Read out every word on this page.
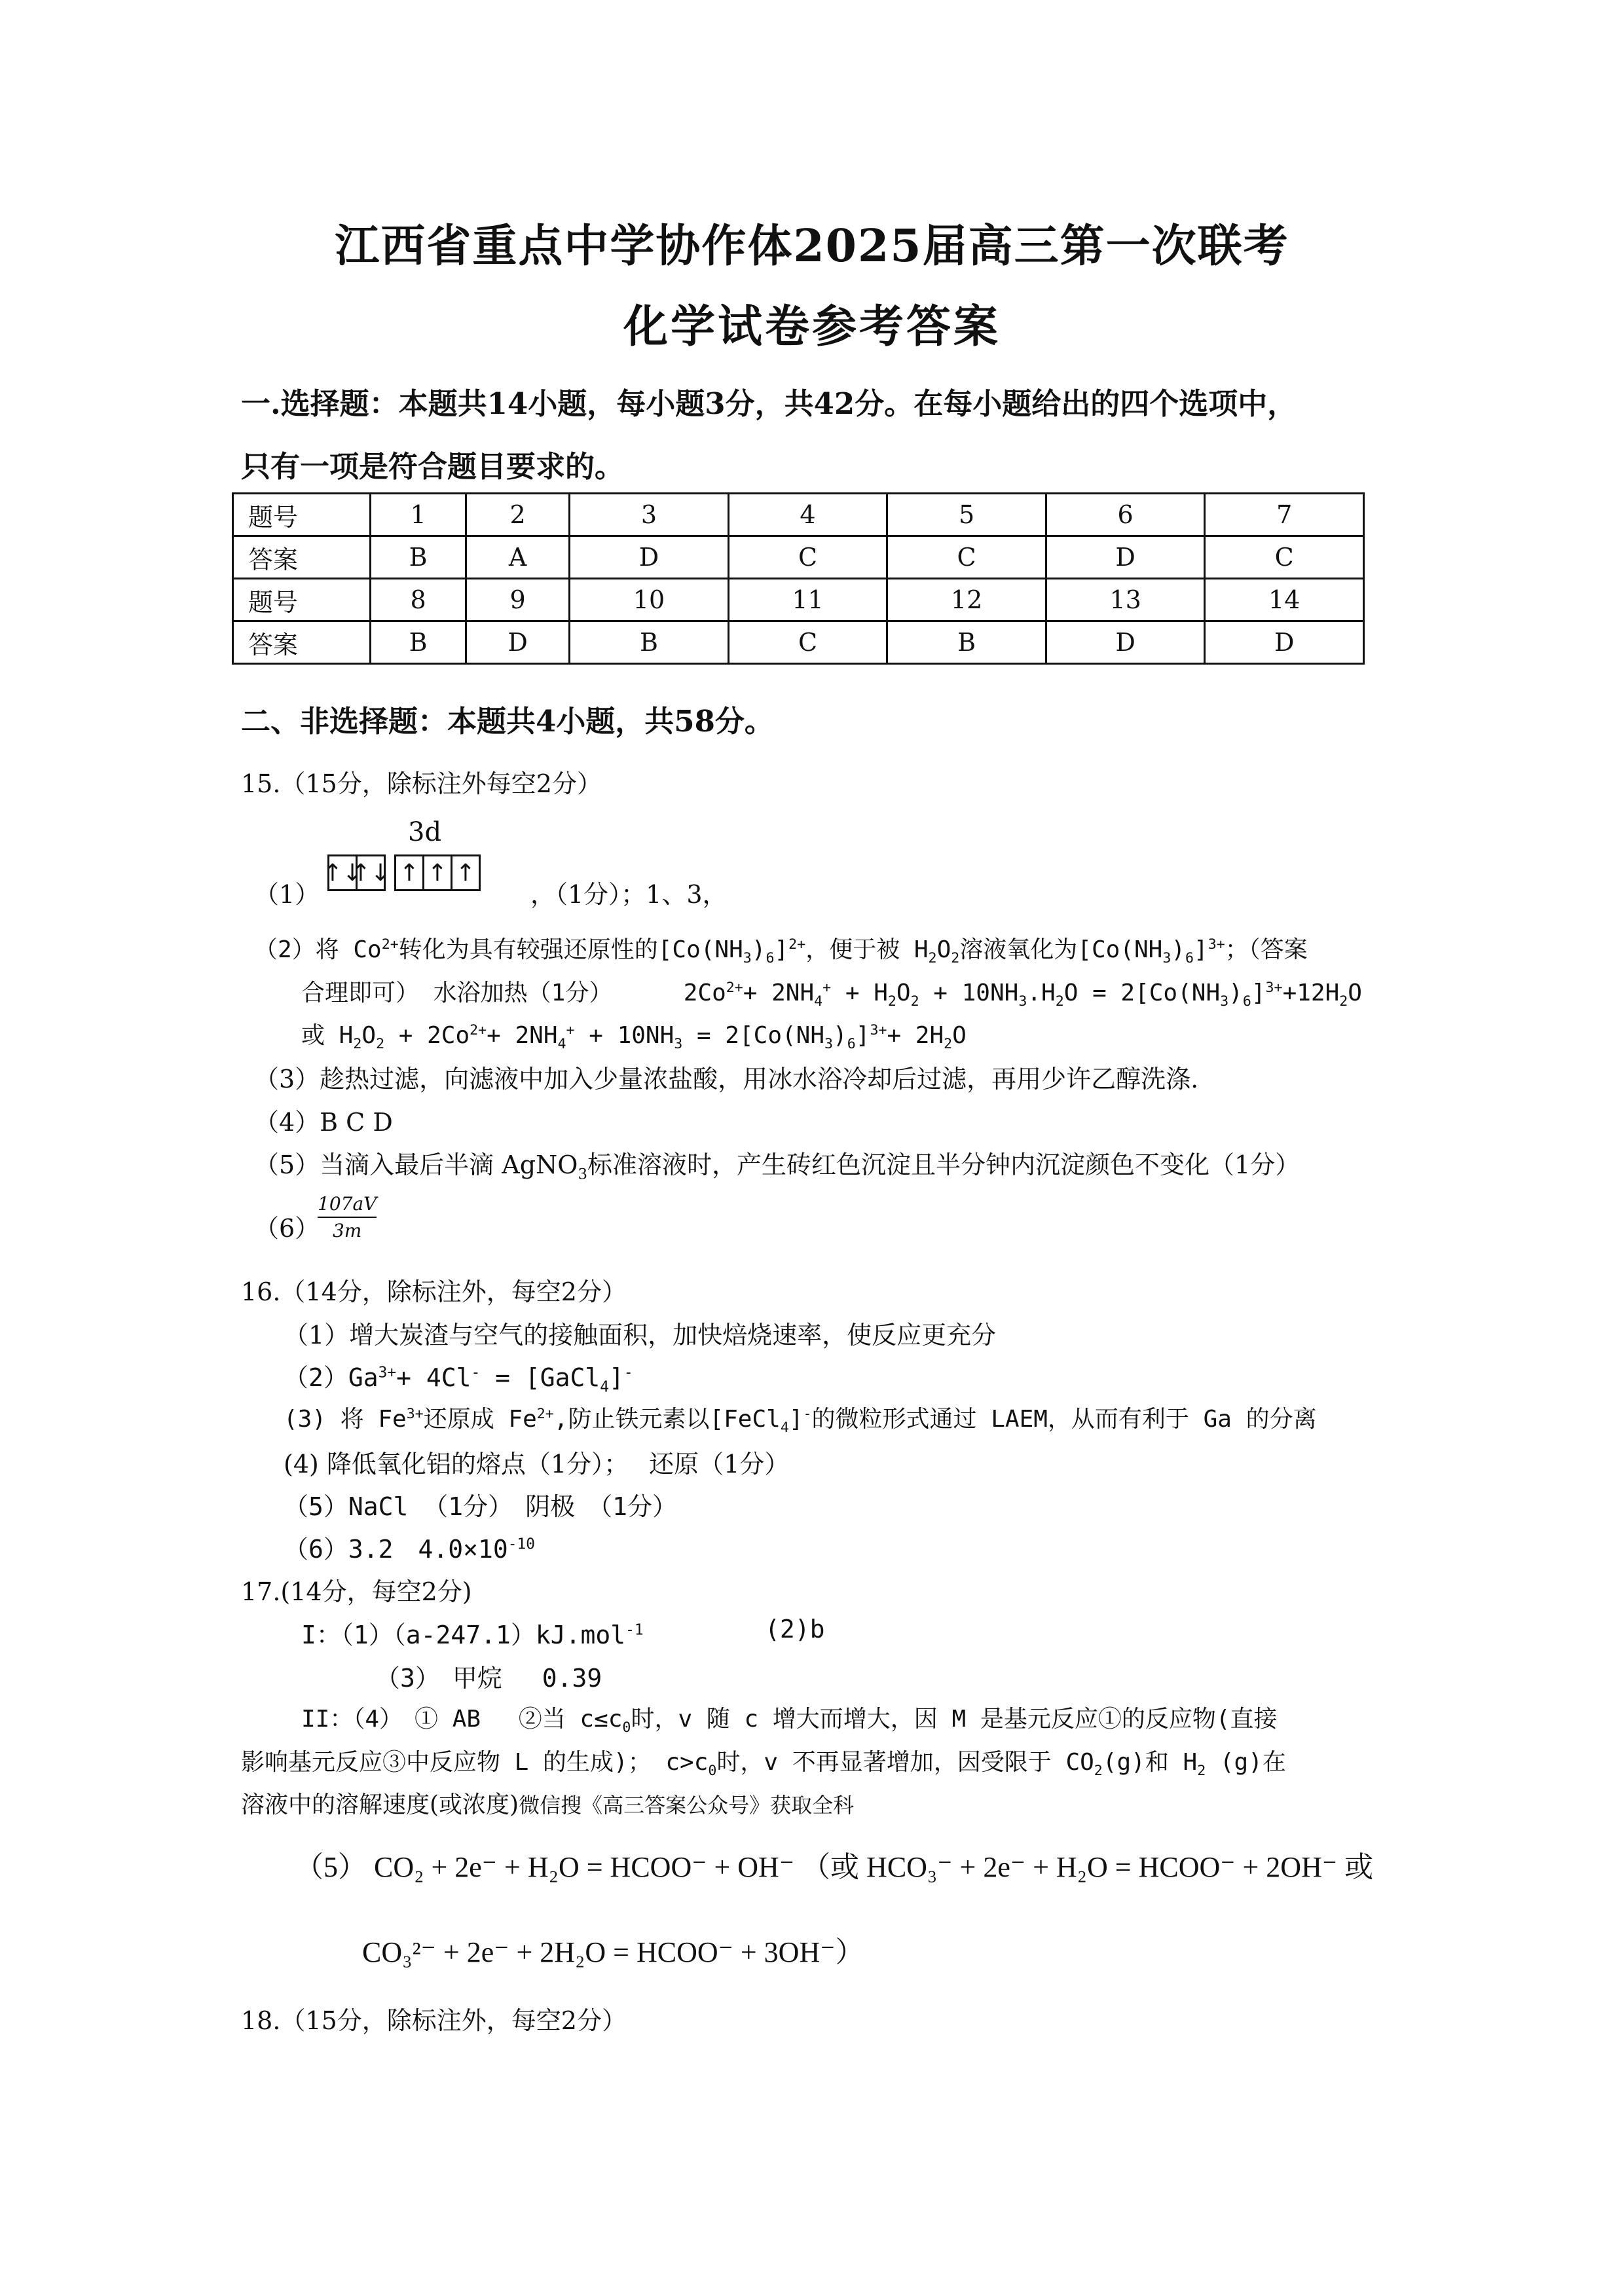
江西省重点中学协作体2025届高三第一次联考
化学试卷参考答案
一.选择题：本题共14小题，每小题3分，共42分。在每小题给出的四个选项中，
只有一项是符合题目要求的。
题号	1	2	3	4	5	6	7
答案	B	A	D	C	C	D	C
题号	8	9	10	11	12	13	14
答案	B	D	B	C	B	D	D
二、非选择题：本题共4小题，共58分。
15.（15分，除标注外每空2分）
3d
（1）
↑↓
↑↓ ↑ ↑ ↑
，（1分）；1、3，
（2）将 $Co^{2+}$转化为具有较强还原性的$[Co(NH_3)_6]^{2+}$，便于被 $H_2O_2$溶液氧化为$[Co(NH_3)_6]^{3+}$；（答案
合理即可） 水浴加热（1分）	$2Co^{2+}+ 2NH_4^+ + H_2O_2 + 10NH_3.H_2O = 2[Co(NH_3)_6]^{3+}+12H_2O$
或 $H_2O_2 + 2Co^{2+}+ 2NH_4^+ + 10NH_3 = 2[Co(NH_3)_6]^{3+}+ 2H_2O$
（3）趁热过滤，向滤液中加入少量浓盐酸，用冰水浴冷却后过滤，再用少许乙醇洗涤.
（4）B C D
（5）当滴入最后半滴 AgNO$_3$标准溶液时，产生砖红色沉淀且半分钟内沉淀颜色不变化（1分）
（6）
107aV
3m
16.（14分，除标注外，每空2分）
（1）增大炭渣与空气的接触面积，加快焙烧速率，使反应更充分
$(2)Ga^{3+}+ 4Cl^-$ = [GaCl$_4$]-
(3) 将 $Fe^{3+}$还原成 $Fe^{2+}$,防止铁元素以[FeCl$_4$]-的微粒形式通过 LAEM，从而有利于 Ga 的分离
(4) 降低氧化铝的熔点（1分）；　 还原（1分）
（5）NaCl （1分）　阴极　（1分）
（6）3.2　$4.0\times 10^{-10}$
17.(14分，每空2分)
I：（1）（a-247.1）kJ.mol$^{-1}$	(2)b
（3）　甲烷　 0.39
II：（4）　① AB　 ②当 $c\le c_0$时，v 随 c 增大而增大，因 M 是基元反应①的反应物(直接
影响基元反应③中反应物 L 的生成)； $c>c_0$时，v 不再显著增加，因受限于 $CO_2(g)$和 $H_2$ (g)在
溶液中的溶解速度(或浓度)微信搜《高三答案公众号》获取全科
（5） CO₂ + 2e⁻ + H₂O = HCOO⁻ + OH⁻ （或 HCO₃⁻ + 2e⁻ + H₂O = HCOO⁻ + 2OH⁻ 或
CO₃²⁻ + 2e⁻ + 2H₂O = HCOO⁻ + 3OH⁻）
18.（15分，除标注外，每空2分）
